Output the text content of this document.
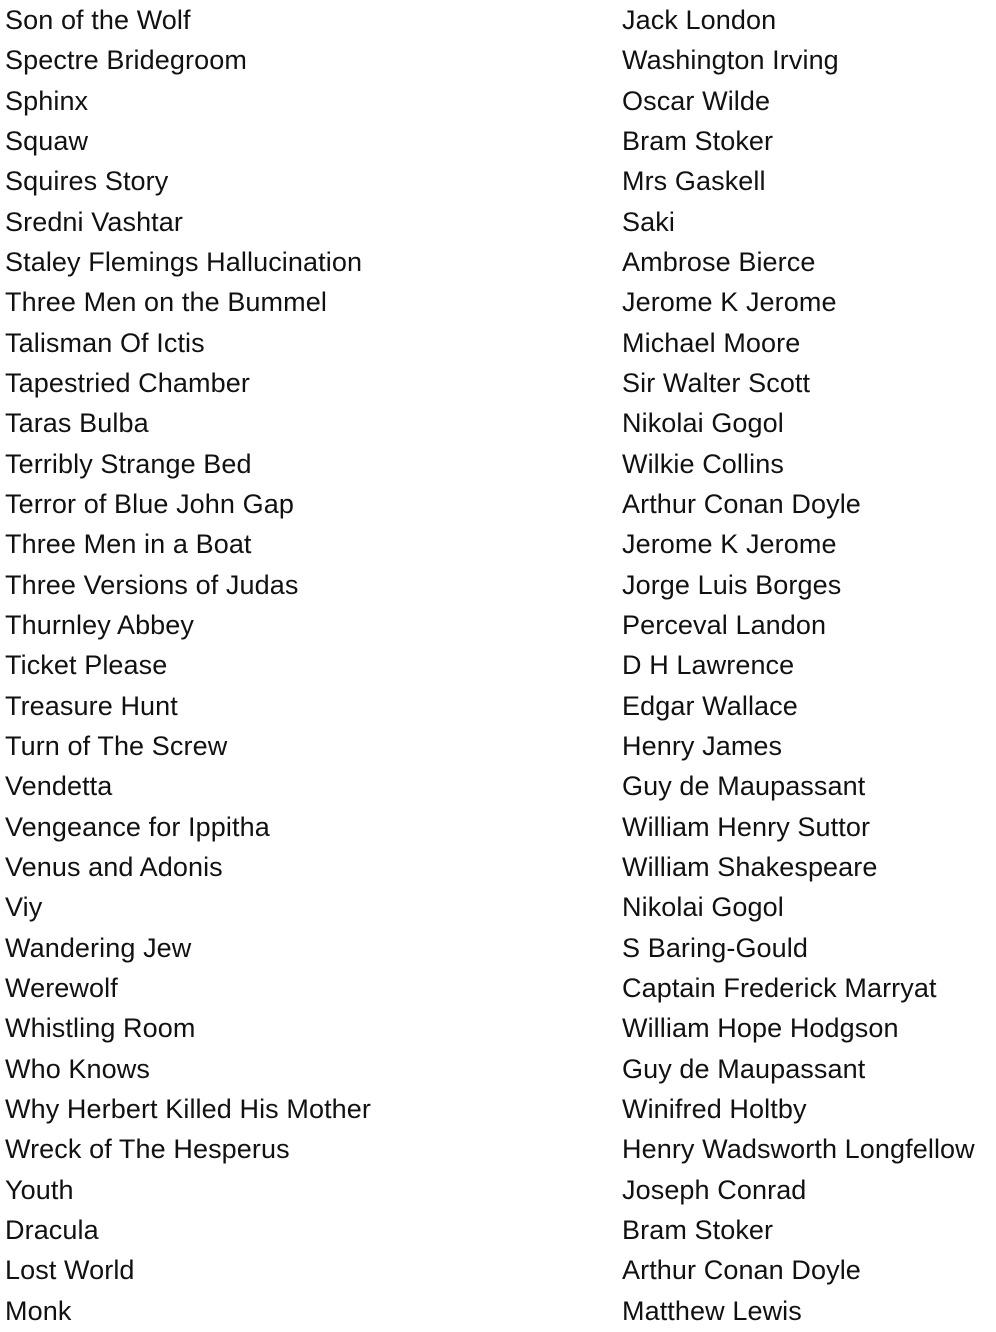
Son of the Wolf	Jack London
Spectre Bridegroom	Washington Irving
Sphinx	Oscar Wilde
Squaw	Bram Stoker
Squires Story	Mrs Gaskell
Sredni Vashtar	Saki
Staley Flemings Hallucination	Ambrose Bierce
Three Men on the Bummel	Jerome K Jerome
Talisman Of Ictis	Michael Moore
Tapestried Chamber	Sir Walter Scott
Taras Bulba	Nikolai Gogol
Terribly Strange Bed	Wilkie Collins
Terror of Blue John Gap	Arthur Conan Doyle
Three Men in a Boat	Jerome K Jerome
Three Versions of Judas	Jorge Luis Borges
Thurnley Abbey	Perceval Landon
Ticket Please	D H Lawrence
Treasure Hunt	Edgar Wallace
Turn of The Screw	Henry James
Vendetta	Guy de Maupassant
Vengeance for Ippitha	William Henry Suttor
Venus and Adonis	William Shakespeare
Viy	Nikolai Gogol
Wandering Jew	S Baring-Gould
Werewolf	Captain Frederick Marryat
Whistling Room	William Hope Hodgson
Who Knows	Guy de Maupassant
Why Herbert Killed His Mother	Winifred Holtby
Wreck of The Hesperus	Henry Wadsworth Longfellow
Youth	Joseph Conrad
Dracula	Bram Stoker
Lost World	Arthur Conan Doyle
Monk	Matthew Lewis
